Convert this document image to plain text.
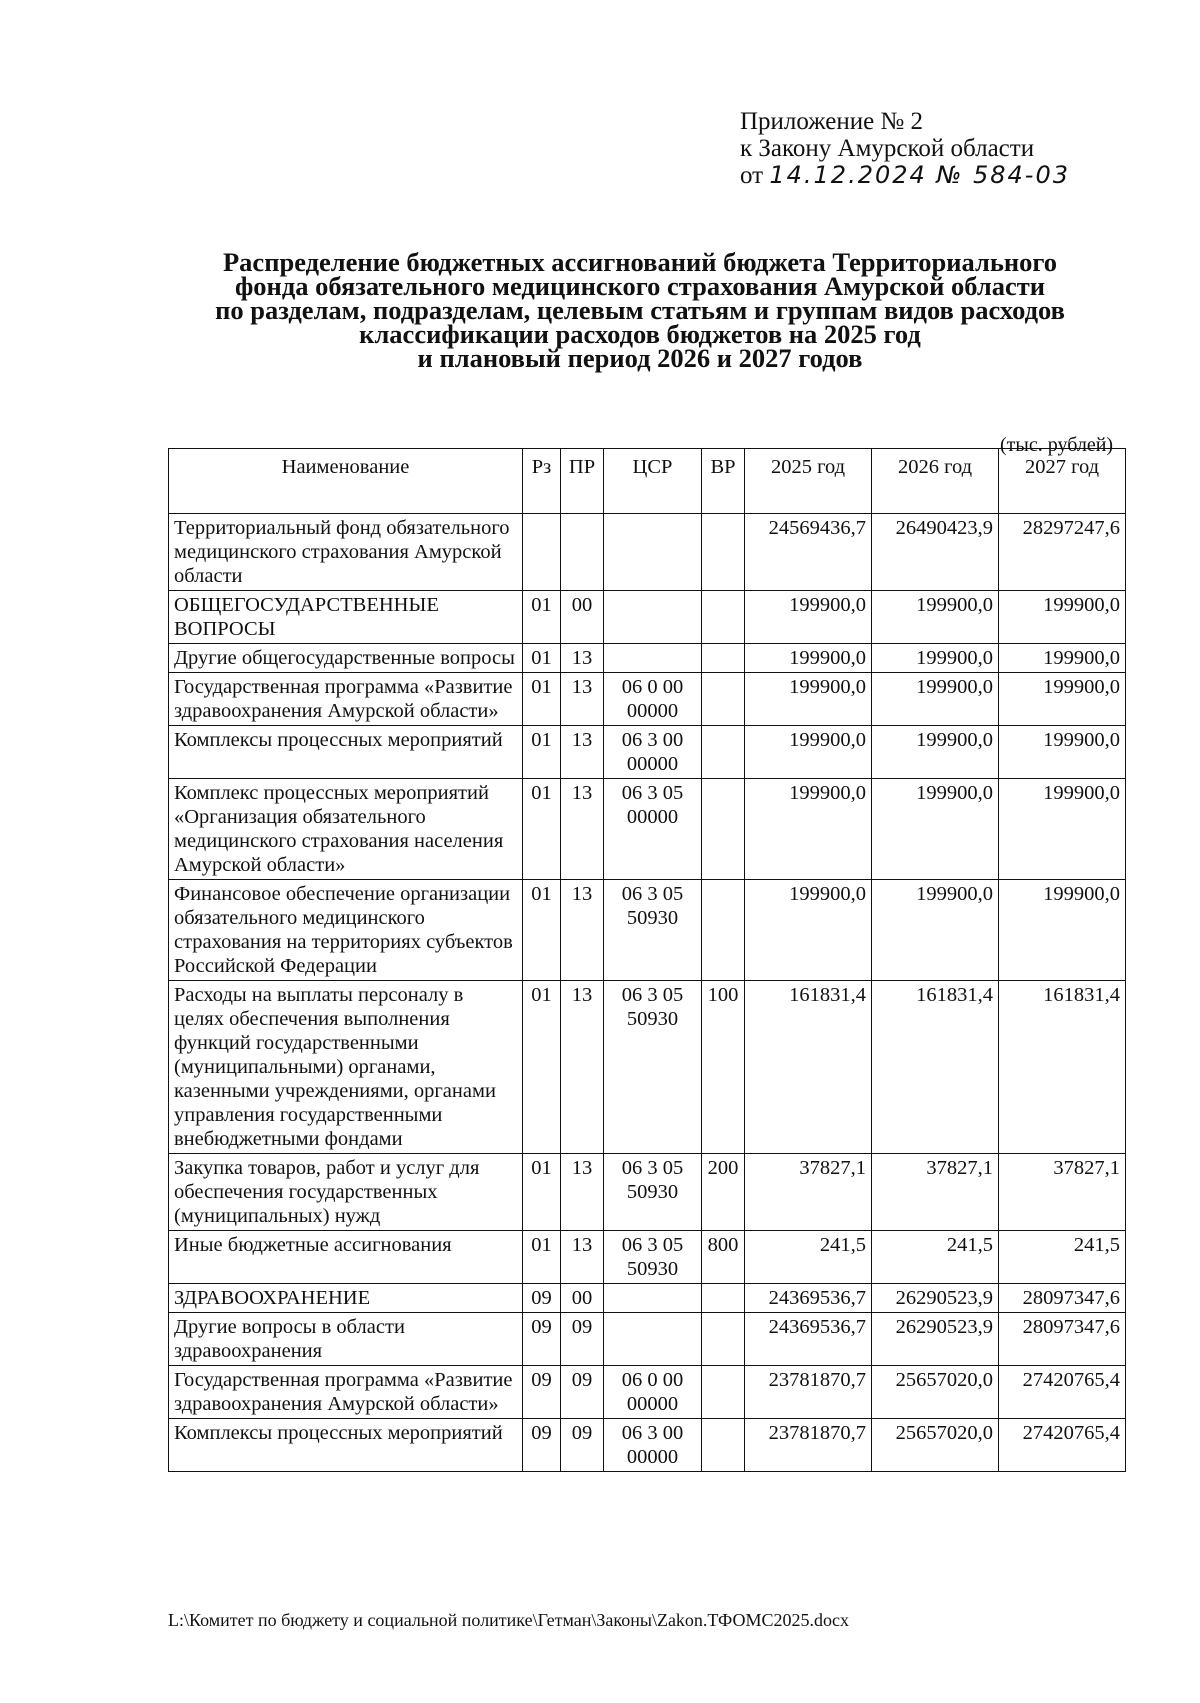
Приложение № 2
к Закону Амурской области
от 14.12.2024 № 584-03
Распределение бюджетных ассигнований бюджета Территориального
фонда обязательного медицинского страхования Амурской области
по разделам, подразделам, целевым статьям и группам видов расходов
классификации расходов бюджетов на 2025 год
и плановый период 2026 и 2027 годов
(тыс. рублей)
Наименование	Рз	ПР	ЦСР	ВР	2025 год	2026 год	2027 год
Территориальный фонд обязательного медицинского страхования Амурской области					24569436,7	26490423,9	28297247,6
ОБЩЕГОСУДАРСТВЕННЫЕ ВОПРОСЫ	01	00			199900,0	199900,0	199900,0
Другие общегосударственные вопросы	01	13			199900,0	199900,0	199900,0
Государственная программа «Развитие здравоохранения Амурской области»	01	13	06 0 00 00000		199900,0	199900,0	199900,0
Комплексы процессных мероприятий	01	13	06 3 00 00000		199900,0	199900,0	199900,0
Комплекс процессных мероприятий «Организация обязательного медицинского страхования населения Амурской области»	01	13	06 3 05 00000		199900,0	199900,0	199900,0
Финансовое обеспечение организации обязательного медицинского страхования на территориях субъектов Российской Федерации	01	13	06 3 05 50930		199900,0	199900,0	199900,0
Расходы на выплаты персоналу в целях обеспечения выполнения функций государственными (муниципальными) органами, казенными учреждениями, органами управления государственными внебюджетными фондами	01	13	06 3 05 50930	100	161831,4	161831,4	161831,4
Закупка товаров, работ и услуг для обеспечения государственных (муниципальных) нужд	01	13	06 3 05 50930	200	37827,1	37827,1	37827,1
Иные бюджетные ассигнования	01	13	06 3 05 50930	800	241,5	241,5	241,5
ЗДРАВООХРАНЕНИЕ	09	00			24369536,7	26290523,9	28097347,6
Другие вопросы в области здравоохранения	09	09			24369536,7	26290523,9	28097347,6
Государственная программа «Развитие здравоохранения Амурской области»	09	09	06 0 00 00000		23781870,7	25657020,0	27420765,4
Комплексы процессных мероприятий	09	09	06 3 00 00000		23781870,7	25657020,0	27420765,4
L:\Комитет по бюджету и социальной политике\Гетман\Законы\Zakon.ТФОМС2025.docx
